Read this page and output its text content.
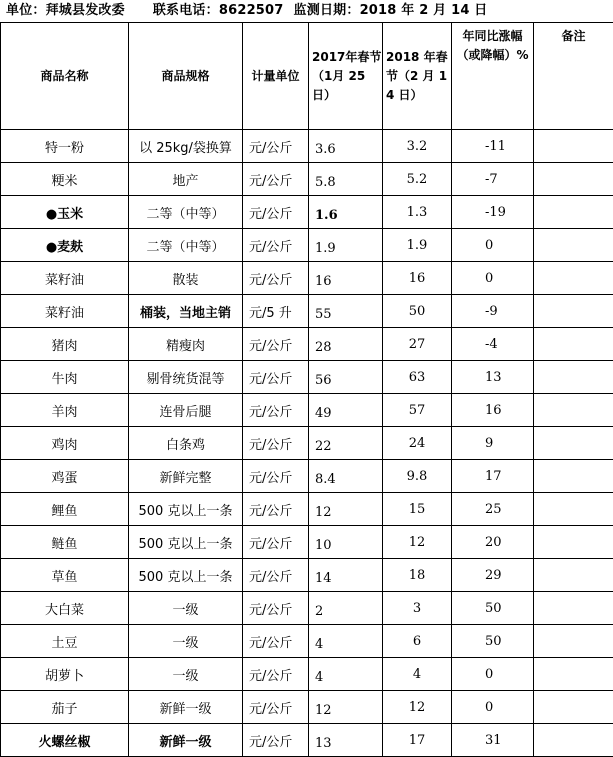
单位：拜城县发改委 联系电话：8622507 监测日期：2018 年 2 月 14 日
商品名称	商品规格	计量单位	2017年春节（1月 25日）	2018 年春节（2 月 14 日）	年同比涨幅（或降幅）%	备注
特一粉	以 25kg/袋换算	元/公斤	3.6	3.2	-11	
粳米	地产	元/公斤	5.8	5.2	-7	
●玉米	二等（中等）	元/公斤	1.6	1.3	-19	
●麦麸	二等（中等）	元/公斤	1.9	1.9	0	
菜籽油	散装	元/公斤	16	16	0	
菜籽油	桶装，当地主销	元/5 升	55	50	-9	
猪肉	精瘦肉	元/公斤	28	27	-4	
牛肉	剔骨统货混等	元/公斤	56	63	13	
羊肉	连骨后腿	元/公斤	49	57	16	
鸡肉	白条鸡	元/公斤	22	24	9	
鸡蛋	新鲜完整	元/公斤	8.4	9.8	17	
鲤鱼	500 克以上一条	元/公斤	12	15	25	
鲢鱼	500 克以上一条	元/公斤	10	12	20	
草鱼	500 克以上一条	元/公斤	14	18	29	
大白菜	一级	元/公斤	2	3	50	
土豆	一级	元/公斤	4	6	50	
胡萝卜	一级	元/公斤	4	4	0	
茄子	新鲜一级	元/公斤	12	12	0	
火螺丝椒	新鲜一级	元/公斤	13	17	31	
